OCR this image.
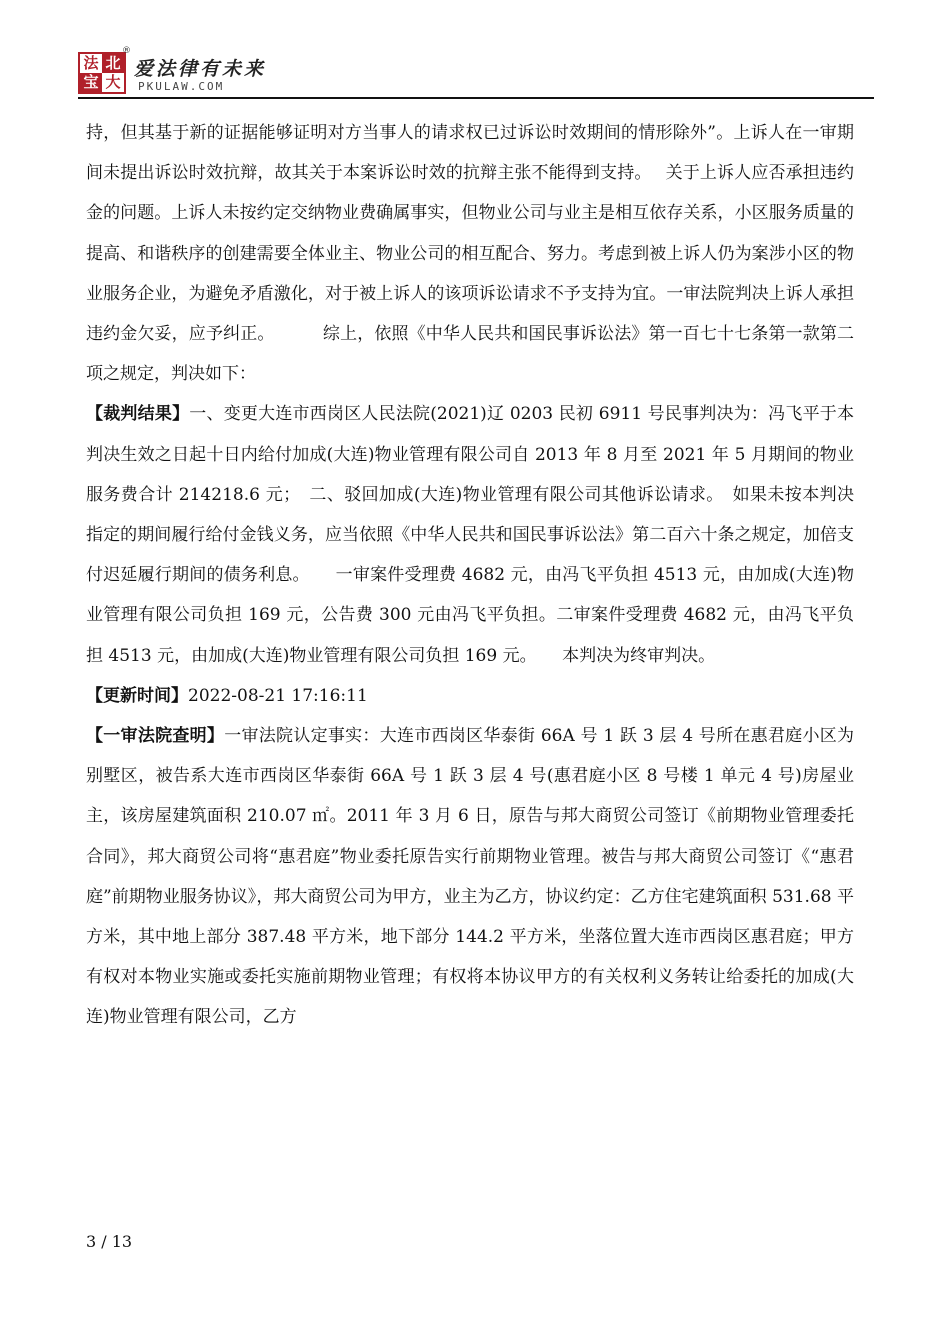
法 北
宝 大
®
爱法律有未来
PKULAW.COM

持，但其基于新的证据能够证明对方当事人的请求权已过诉讼时效期间的情形除外”。上诉人在一审期间未提出诉讼时效抗辩，故其关于本案诉讼时效的抗辩主张不能得到支持。　 关于上诉人应否承担违约金的问题。上诉人未按约定交纳物业费确属事实，但物业公司与业主是相互依存关系，小区服务质量的提高、和谐秩序的创建需要全体业主、物业公司的相互配合、努力。考虑到被上诉人仍为案涉小区的物业服务企业，为避免矛盾激化，对于被上诉人的该项诉讼请求不予支持为宜。一审法院判决上诉人承担违约金欠妥，应予纠正。　　　 综上，依照《中华人民共和国民事诉讼法》第一百七十七条第一款第二项之规定，判决如下：

【裁判结果】一、变更大连市西岗区人民法院(2021)辽 0203 民初 6911 号民事判决为：冯飞平于本判决生效之日起十日内给付加成(大连)物业管理有限公司自 2013 年 8 月至 2021 年 5 月期间的物业服务费合计 214218.6 元；　二、驳回加成(大连)物业管理有限公司其他诉讼请求。　如果未按本判决指定的期间履行给付金钱义务，应当依照《中华人民共和国民事诉讼法》第二百六十条之规定，加倍支付迟延履行期间的债务利息。　　一审案件受理费 4682 元，由冯飞平负担 4513 元，由加成(大连)物业管理有限公司负担 169 元，公告费 300 元由冯飞平负担。二审案件受理费 4682 元，由冯飞平负担 4513 元，由加成(大连)物业管理有限公司负担 169 元。　　本判决为终审判决。

【更新时间】2022-08-21 17:16:11

【一审法院查明】一审法院认定事实：大连市西岗区华泰街 66A 号 1 跃 3 层 4 号所在惠君庭小区为别墅区，被告系大连市西岗区华泰街 66A 号 1 跃 3 层 4 号(惠君庭小区 8 号楼 1 单元 4 号)房屋业主，该房屋建筑面积 210.07 ㎡。2011 年 3 月 6 日，原告与邦大商贸公司签订《前期物业管理委托合同》，邦大商贸公司将“惠君庭”物业委托原告实行前期物业管理。被告与邦大商贸公司签订《“惠君庭”前期物业服务协议》，邦大商贸公司为甲方，业主为乙方，协议约定：乙方住宅建筑面积 531.68 平方米，其中地上部分 387.48 平方米，地下部分 144.2 平方米，坐落位置大连市西岗区惠君庭；甲方有权对本物业实施或委托实施前期物业管理；有权将本协议甲方的有关权利义务转让给委托的加成(大连)物业管理有限公司，乙方

3 / 13
